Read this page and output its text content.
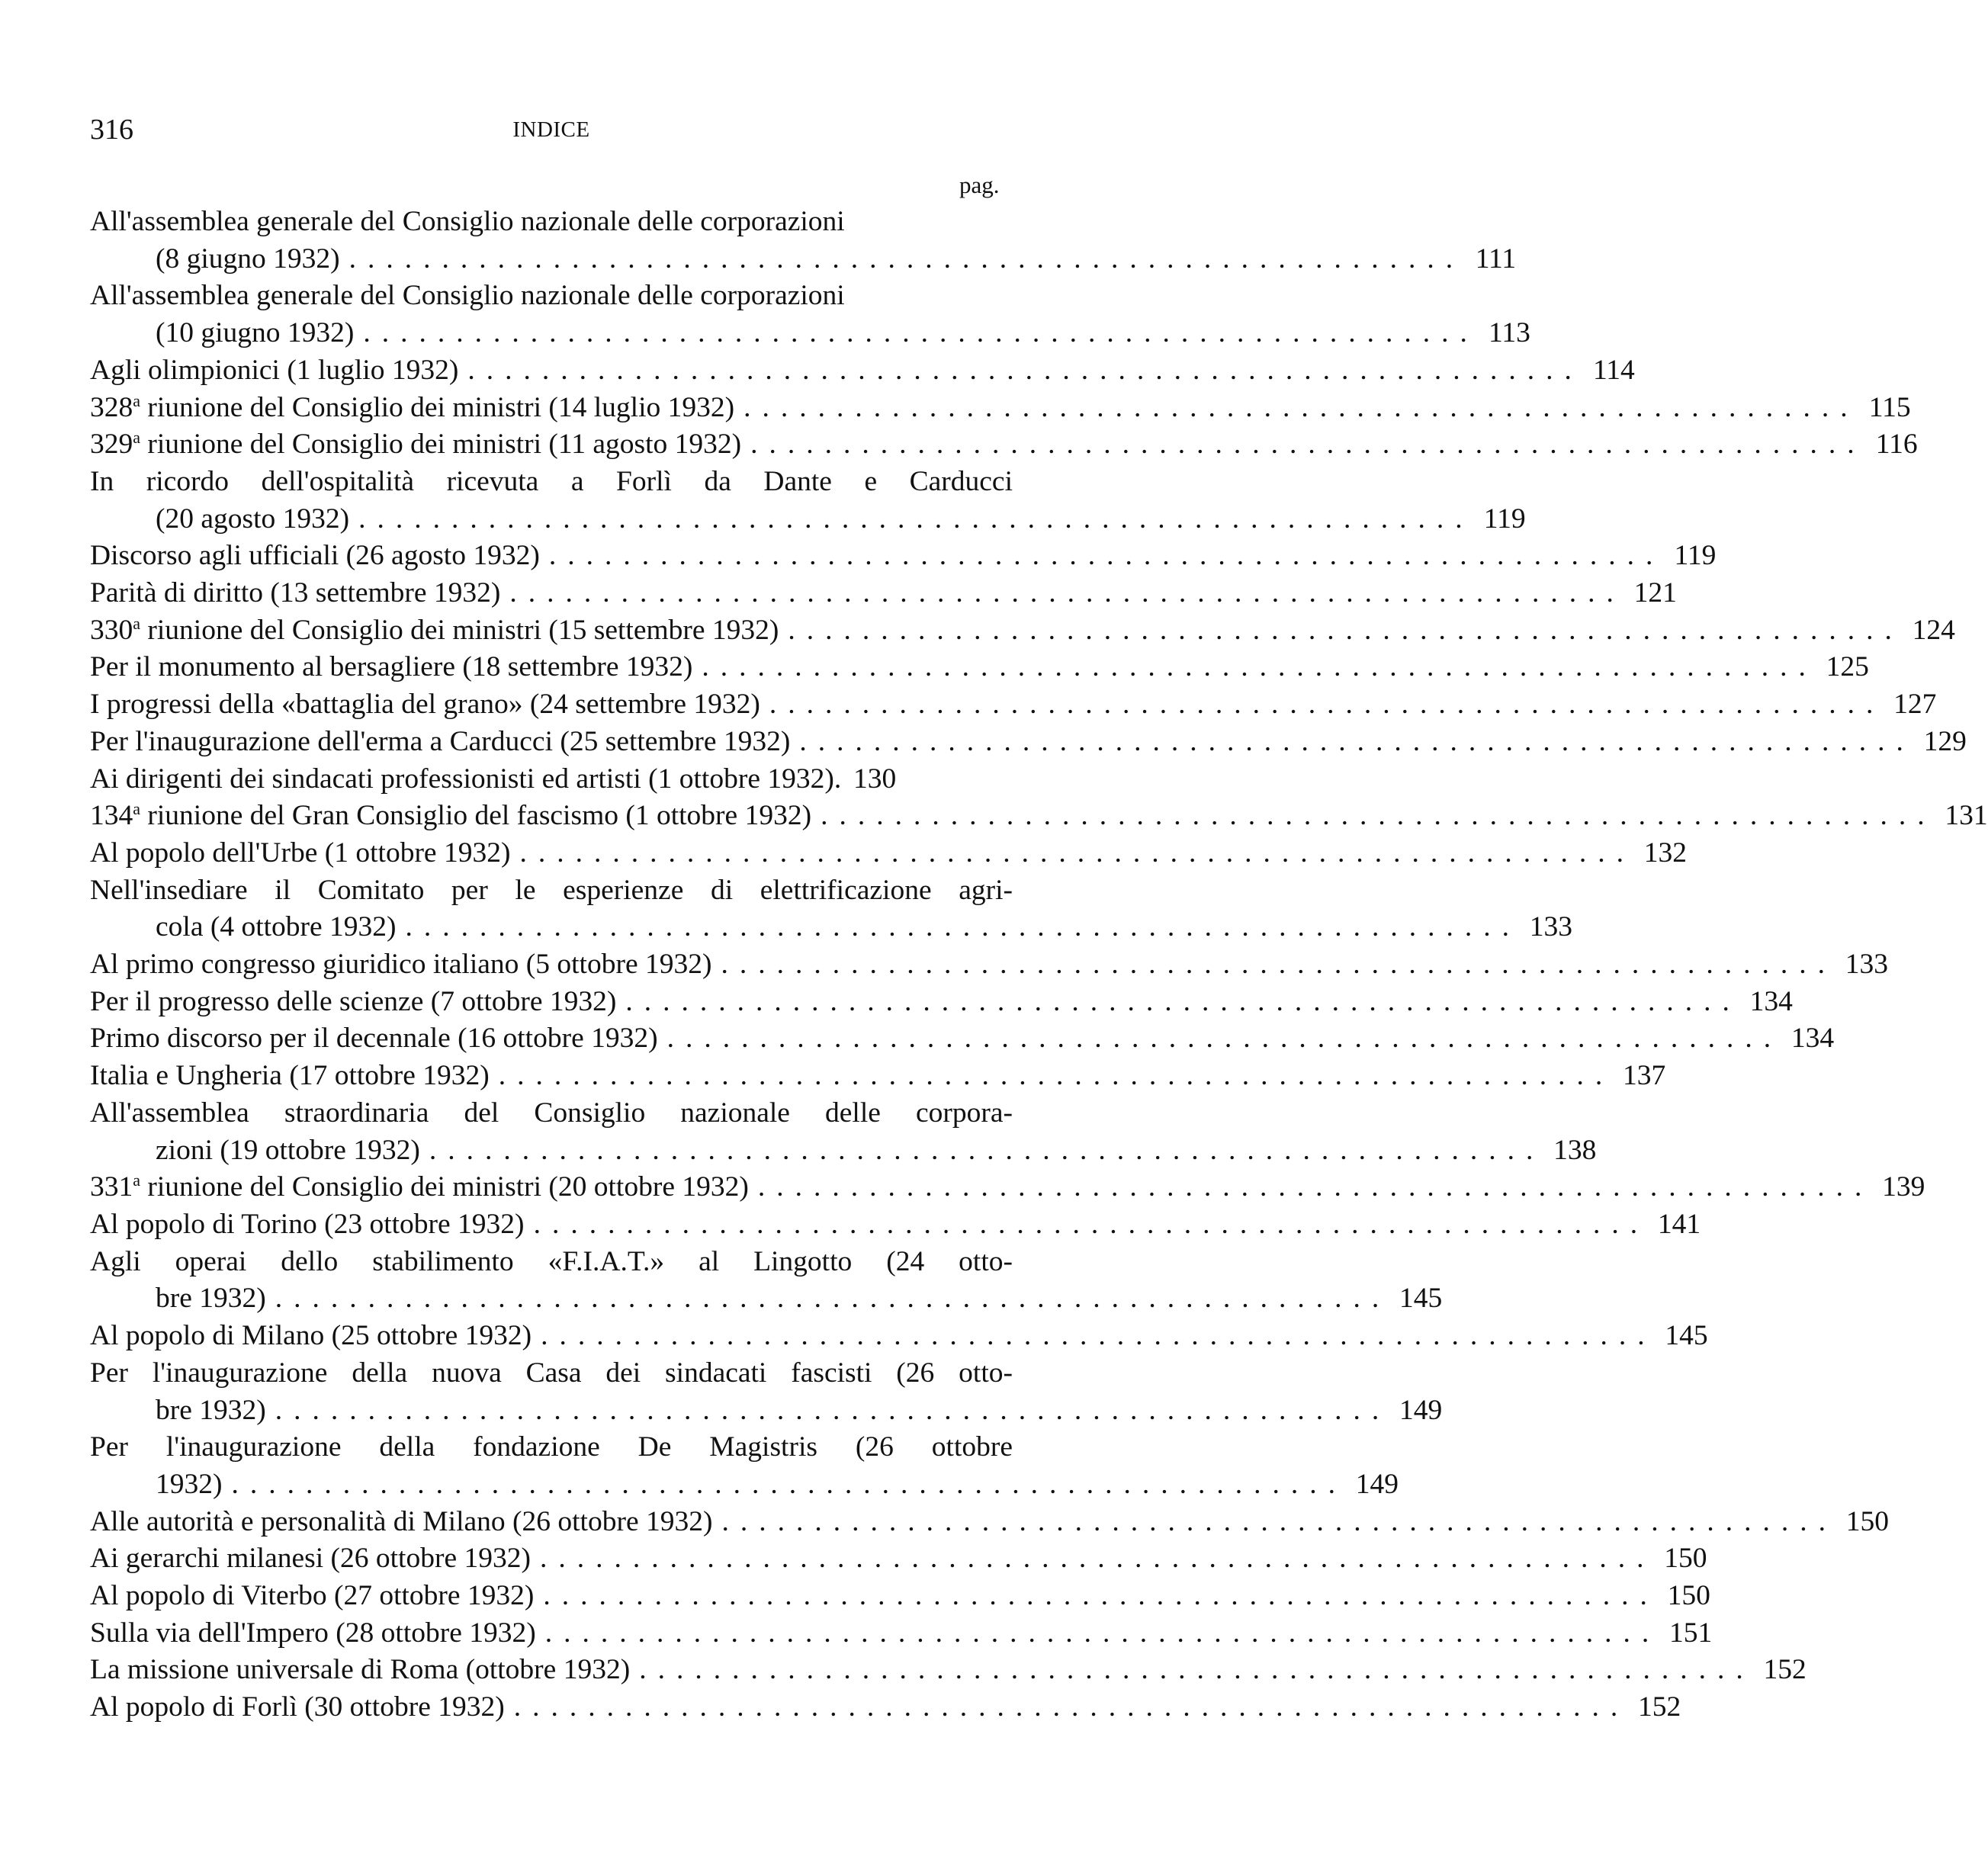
316	INDICE
pag.
All'assemblea generale del Consiglio nazionale delle corporazioni
(8 giugno 1932) ............................................................ 111
All'assemblea generale del Consiglio nazionale delle corporazioni
(10 giugno 1932) ............................................................ 113
Agli olimpionici (1 luglio 1932) ............................................................ 114
328$^a$ riunione del Consiglio dei ministri (14 luglio 1932) ............................................................ 115
329$^a$ riunione del Consiglio dei ministri (11 agosto 1932) ............................................................ 116
In ricordo dell'ospitalità ricevuta a Forlì da Dante e Carducci
(20 agosto 1932) ............................................................ 119
Discorso agli ufficiali (26 agosto 1932) ............................................................ 119
Parità di diritto (13 settembre 1932) ............................................................ 121
330$^a$ riunione del Consiglio dei ministri (15 settembre 1932) ............................................................ 124
Per il monumento al bersagliere (18 settembre 1932) ............................................................ 125
I progressi della «battaglia del grano» (24 settembre 1932) ............................................................ 127
Per l'inaugurazione dell'erma a Carducci (25 settembre 1932) ............................................................ 129
Ai dirigenti dei sindacati professionisti ed artisti (1 ottobre 1932). 130
134$^a$ riunione del Gran Consiglio del fascismo (1 ottobre 1932) ............................................................ 131
Al popolo dell'Urbe (1 ottobre 1932) ............................................................ 132
Nell'insediare il Comitato per le esperienze di elettrificazione agri-
cola (4 ottobre 1932) ............................................................ 133
Al primo congresso giuridico italiano (5 ottobre 1932) ............................................................ 133
Per il progresso delle scienze (7 ottobre 1932) ............................................................ 134
Primo discorso per il decennale (16 ottobre 1932) ............................................................ 134
Italia e Ungheria (17 ottobre 1932) ............................................................ 137
All'assemblea straordinaria del Consiglio nazionale delle corpora-
zioni (19 ottobre 1932) ............................................................ 138
331$^a$ riunione del Consiglio dei ministri (20 ottobre 1932) ............................................................ 139
Al popolo di Torino (23 ottobre 1932) ............................................................ 141
Agli operai dello stabilimento «F.I.A.T.» al Lingotto (24 otto-
bre 1932) ............................................................ 145
Al popolo di Milano (25 ottobre 1932) ............................................................ 145
Per l'inaugurazione della nuova Casa dei sindacati fascisti (26 otto-
bre 1932) ............................................................ 149
Per l'inaugurazione della fondazione De Magistris (26 ottobre
1932) ............................................................ 149
Alle autorità e personalità di Milano (26 ottobre 1932) ............................................................ 150
Ai gerarchi milanesi (26 ottobre 1932) ............................................................ 150
Al popolo di Viterbo (27 ottobre 1932) ............................................................ 150
Sulla via dell'Impero (28 ottobre 1932) ............................................................ 151
La missione universale di Roma (ottobre 1932) ............................................................ 152
Al popolo di Forlì (30 ottobre 1932) ............................................................ 152
